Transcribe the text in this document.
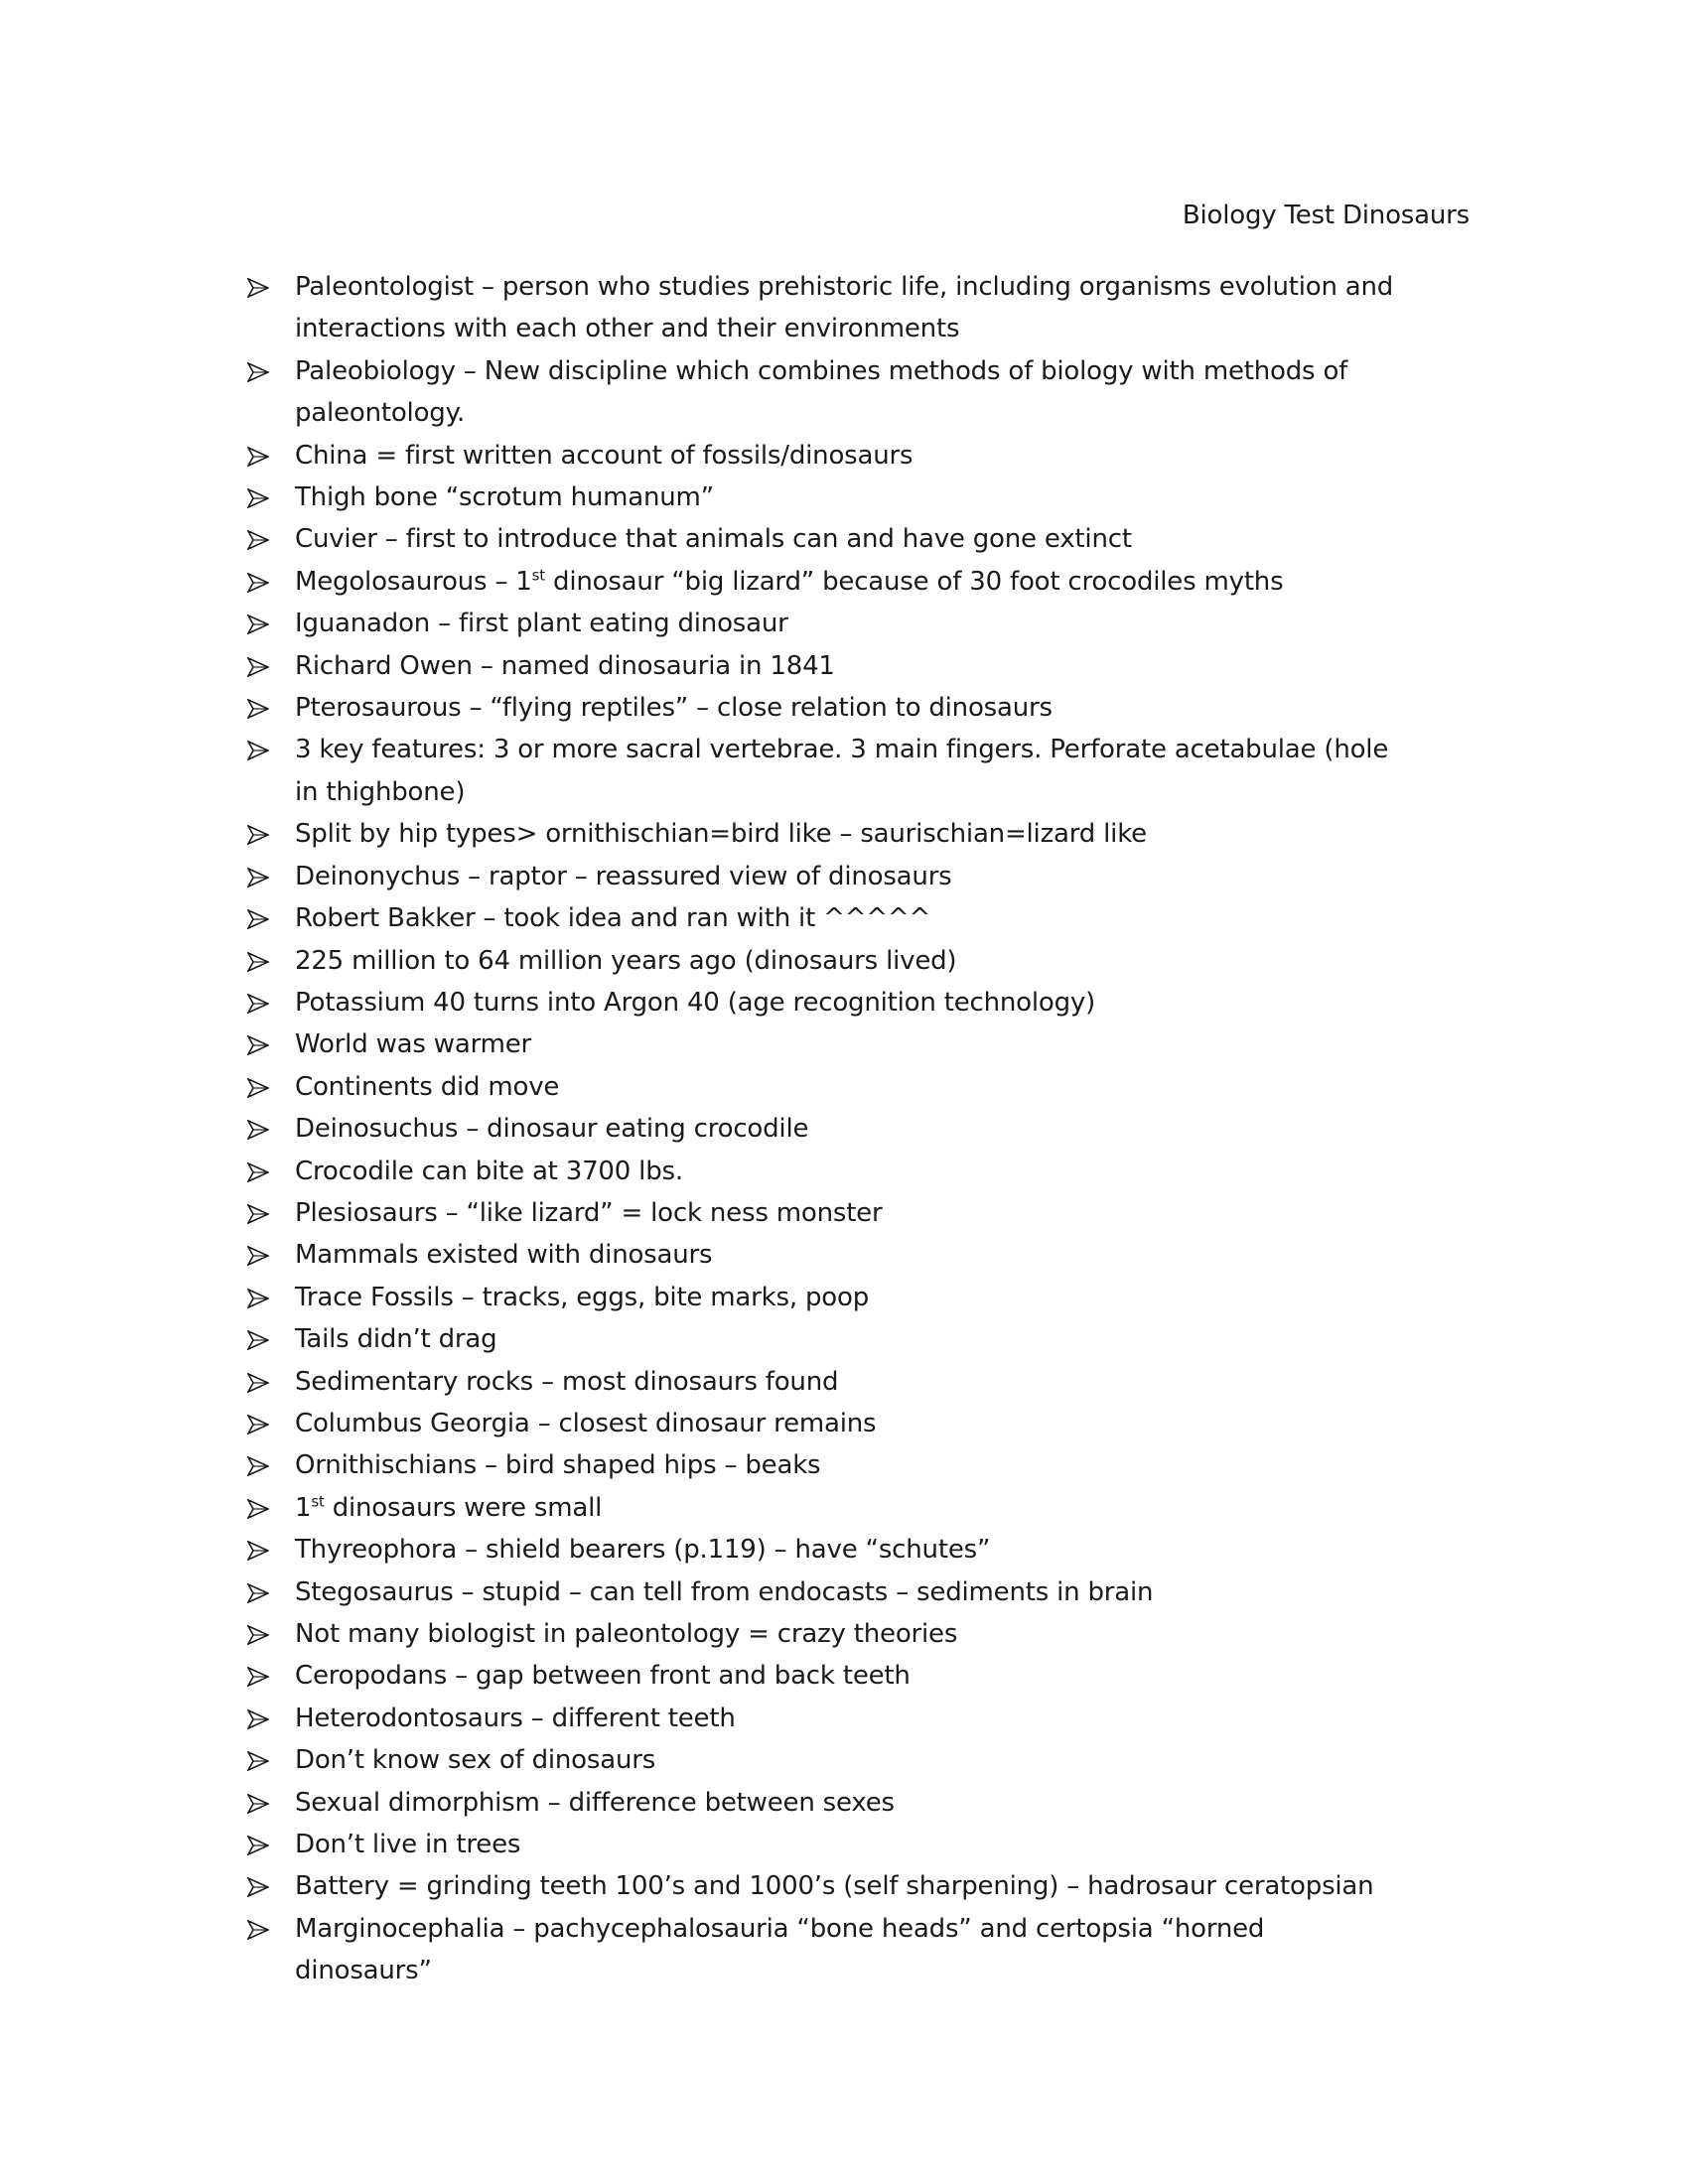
Biology Test Dinosaurs
Paleontologist – person who studies prehistoric life, including organisms evolution and interactions with each other and their environments
Paleobiology – New discipline which combines methods of biology with methods of paleontology.
China = first written account of fossils/dinosaurs
Thigh bone “scrotum humanum”
Cuvier – first to introduce that animals can and have gone extinct
Megolosaurous – 1st dinosaur “big lizard” because of 30 foot crocodiles myths
Iguanadon – first plant eating dinosaur
Richard Owen – named dinosauria in 1841
Pterosaurous – “flying reptiles” – close relation to dinosaurs
3 key features: 3 or more sacral vertebrae. 3 main fingers. Perforate acetabulae (hole in thighbone)
Split by hip types> ornithischian=bird like – saurischian=lizard like
Deinonychus – raptor – reassured view of dinosaurs
Robert Bakker – took idea and ran with it ^^^^^
225 million to 64 million years ago (dinosaurs lived)
Potassium 40 turns into Argon 40 (age recognition technology)
World was warmer
Continents did move
Deinosuchus – dinosaur eating crocodile
Crocodile can bite at 3700 lbs.
Plesiosaurs – “like lizard” = lock ness monster
Mammals existed with dinosaurs
Trace Fossils – tracks, eggs, bite marks, poop
Tails didn’t drag
Sedimentary rocks – most dinosaurs found
Columbus Georgia – closest dinosaur remains
Ornithischians – bird shaped hips – beaks
1st dinosaurs were small
Thyreophora – shield bearers (p.119) – have “schutes”
Stegosaurus – stupid – can tell from endocasts – sediments in brain
Not many biologist in paleontology = crazy theories
Ceropodans – gap between front and back teeth
Heterodontosaurs – different teeth
Don’t know sex of dinosaurs
Sexual dimorphism – difference between sexes
Don’t live in trees
Battery = grinding teeth 100’s and 1000’s (self sharpening) – hadrosaur ceratopsian
Marginocephalia – pachycephalosauria “bone heads” and certopsia “horned dinosaurs”
